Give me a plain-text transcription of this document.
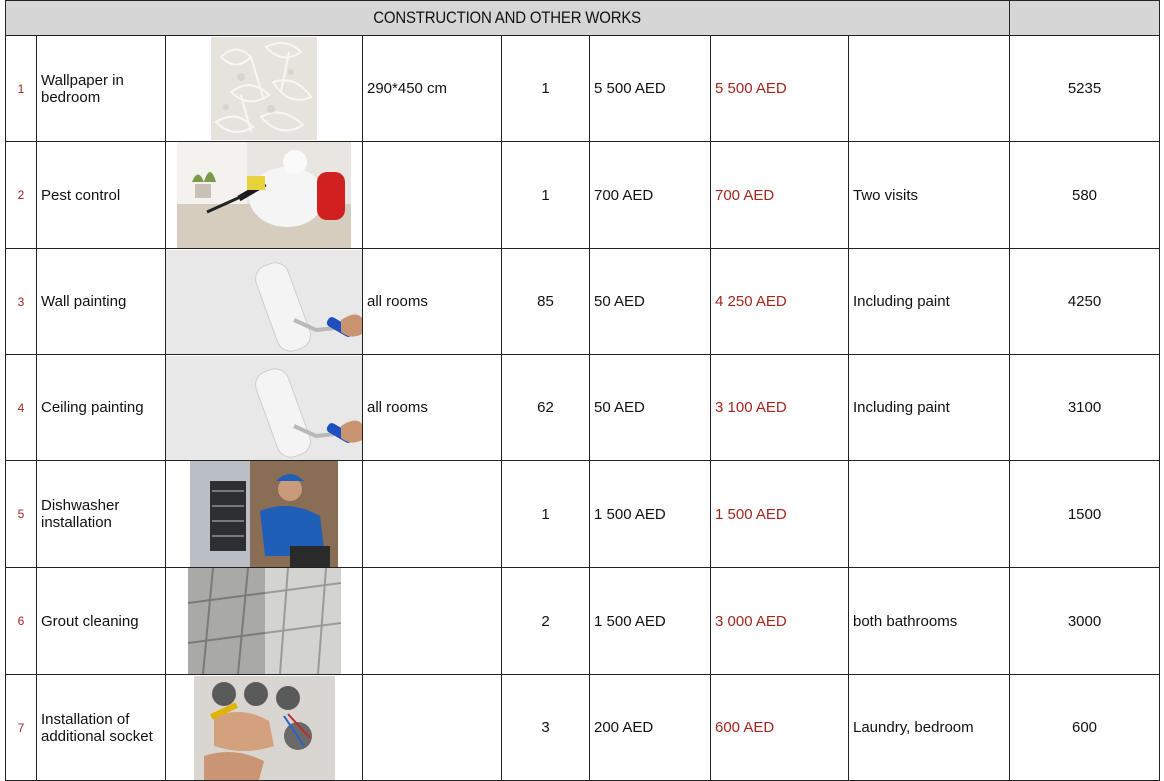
CONSTRUCTION AND OTHER WORKS								
1	Wallpaper in bedroom		290*450 cm	1	5 500 AED	5 500 AED		5235
2	Pest control			1	700 AED	700 AED	Two visits	580
3	Wall painting		all rooms	85	50 AED	4 250 AED	Including paint	4250
4	Ceiling painting		all rooms	62	50 AED	3 100 AED	Including paint	3100
5	Dishwasher installation			1	1 500 AED	1 500 AED		1500
6	Grout cleaning			2	1 500 AED	3 000 AED	both bathrooms	3000
7	Installation of additional socket			3	200 AED	600 AED	Laundry, bedroom	600
